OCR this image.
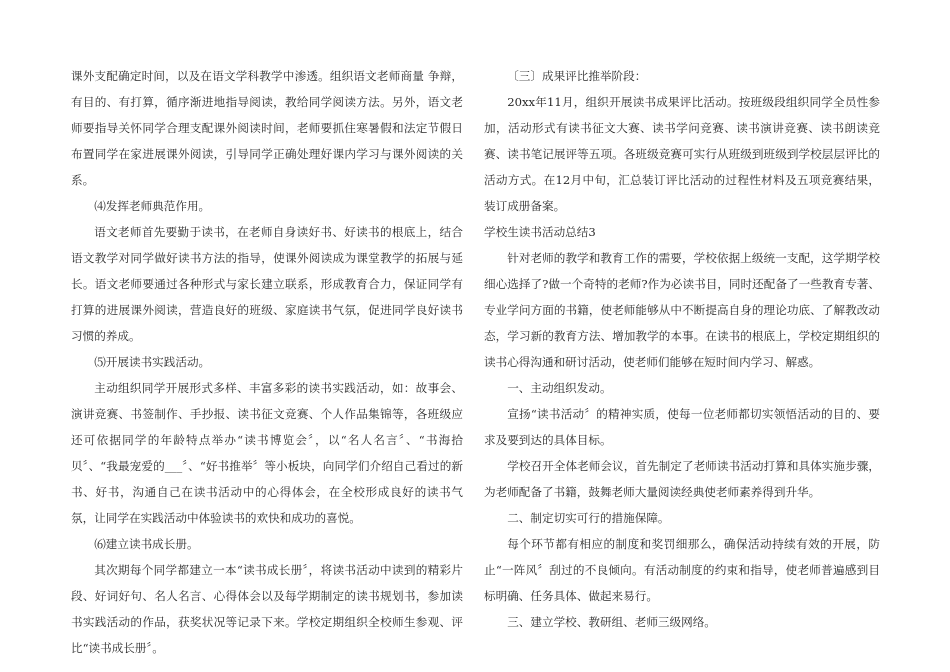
课外支配确定时间，以及在语文学科教学中渗透。组织语文老师商量 争辩，有目的、有打算，循序渐进地指导阅读，教给同学阅读方法。另外，语文老师要指导关怀同学合理支配课外阅读时间，老师要抓住寒暑假和法定节假日布置同学在家进展课外阅读，引导同学正确处理好课内学习与课外阅读的关系。

⑷发挥老师典范作用。

语文老师首先要勤于读书，在老师自身读好书、好读书的根底上，结合语文教学对同学做好读书方法的指导，使课外阅读成为课堂教学的拓展与延长。语文老师要通过各种形式与家长建立联系，形成教育合力，保证同学有打算的进展课外阅读，营造良好的班级、家庭读书气氛，促进同学良好读书习惯的养成。

⑸开展读书实践活动。

主动组织同学开展形式多样、丰富多彩的读书实践活动，如：故事会、演讲竞赛、书签制作、手抄报、读书征文竞赛、个人作品集锦等，各班级应还可依据同学的年龄特点举办“读书博览会〞，以“名人名言〞、“书海拾贝〞、“我最宠爱的___〞、“好书推举〞等小板块，向同学们介绍自己看过的新书、好书，沟通自己在读书活动中的心得体会，在全校形成良好的读书气氛，让同学在实践活动中体验读书的欢快和成功的喜悦。

⑹建立读书成长册。

其次期每个同学都建立一本“读书成长册〞，将读书活动中读到的精彩片段、好词好句、名人名言、心得体会以及每学期制定的读书规划书，参加读书实践活动的作品，获奖状况等记录下来。学校定期组织全校师生参观、评比“读书成长册〞。

〔三〕成果评比推举阶段：

20xx年11月，组织开展读书成果评比活动。按班级段组织同学全员性参加，活动形式有读书征文大赛、读书学问竞赛、读书演讲竞赛、读书朗读竞赛、读书笔记展评等五项。各班级竞赛可实行从班级到班级到学校层层评比的活动方式。在12月中旬，汇总装订评比活动的过程性材料及五项竞赛结果，装订成册备案。

学校生读书活动总结3

针对老师的教学和教育工作的需要，学校依据上级统一支配，这学期学校细心选择了?做一个奇特的老师?作为必读书目，同时还配备了一些教育专著、专业学问方面的书籍，使老师能够从中不断提高自身的理论功底、了解教改动态，学习新的教育方法、增加教学的本事。在读书的根底上，学校定期组织的读书心得沟通和研讨活动，使老师们能够在短时间内学习、解惑。

一、主动组织发动。

宣扬“读书活动〞的精神实质，使每一位老师都切实领悟活动的目的、要求及要到达的具体目标。

学校召开全体老师会议，首先制定了老师读书活动打算和具体实施步骤，为老师配备了书籍，鼓舞老师大量阅读经典使老师素养得到升华。

二、制定切实可行的措施保障。

每个环节都有相应的制度和奖罚细那么，确保活动持续有效的开展，防止“一阵风〞刮过的不良倾向。有活动制度的约束和指导，使老师普遍感到目标明确、任务具体、做起来易行。

三、建立学校、教研组、老师三级网络。
